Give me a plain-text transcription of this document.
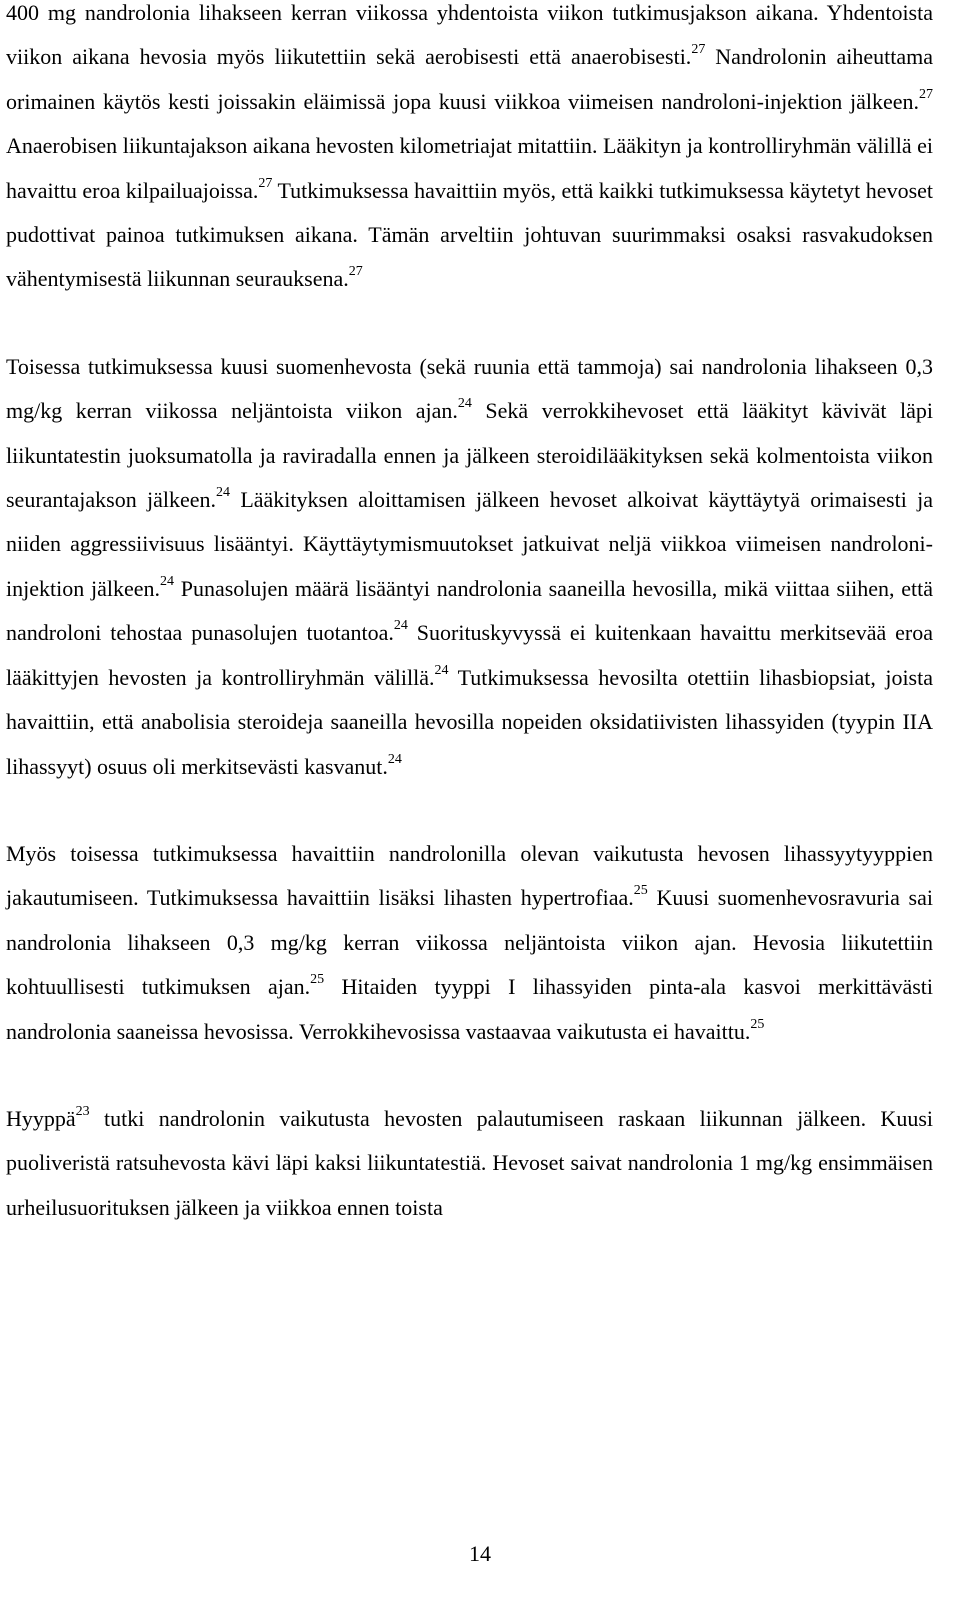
400 mg nandrolonia lihakseen kerran viikossa yhdentoista viikon tutkimusjakson aikana. Yhdentoista viikon aikana hevosia myös liikutettiin sekä aerobisesti että anaerobisesti.$^{27}$ Nandrolonin aiheuttama orimainen käytös kesti joissakin eläimissä jopa kuusi viikkoa viimeisen nandroloni-injektion jälkeen.$^{27}$ Anaerobisen liikuntajakson aikana hevosten kilometriajat mitattiin. Lääkityn ja kontrolliryhmän välillä ei havaittu eroa kilpailuajoissa.$^{27}$ Tutkimuksessa havaittiin myös, että kaikki tutkimuksessa käytetyt hevoset pudottivat painoa tutkimuksen aikana. Tämän arveltiin johtuvan suurimmaksi osaksi rasvakudoksen vähentymisestä liikunnan seurauksena.$^{27}$

Toisessa tutkimuksessa kuusi suomenhevosta (sekä ruunia että tammoja) sai nandrolonia lihakseen 0,3 mg/kg kerran viikossa neljäntoista viikon ajan.$^{24}$ Sekä verrokkihevoset että lääkityt kävivät läpi liikuntatestin juoksumatolla ja raviradalla ennen ja jälkeen steroidilääkityksen sekä kolmentoista viikon seurantajakson jälkeen.$^{24}$ Lääkityksen aloittamisen jälkeen hevoset alkoivat käyttäytyä orimaisesti ja niiden aggressiivisuus lisääntyi. Käyttäytymismuutokset jatkuivat neljä viikkoa viimeisen nandroloni-injektion jälkeen.$^{24}$ Punasolujen määrä lisääntyi nandrolonia saaneilla hevosilla, mikä viittaa siihen, että nandroloni tehostaa punasolujen tuotantoa.$^{24}$ Suorituskyvyssä ei kuitenkaan havaittu merkitsevää eroa lääkittyjen hevosten ja kontrolliryhmän välillä.$^{24}$ Tutkimuksessa hevosilta otettiin lihasbiopsiat, joista havaittiin, että anabolisia steroideja saaneilla hevosilla nopeiden oksidatiivisten lihassyiden (tyypin IIA lihassyyt) osuus oli merkitsevästi kasvanut.$^{24}$

Myös toisessa tutkimuksessa havaittiin nandrolonilla olevan vaikutusta hevosen lihassyytyyppien jakautumiseen. Tutkimuksessa havaittiin lisäksi lihasten hypertrofiaa.$^{25}$ Kuusi suomenhevosravuria sai nandrolonia lihakseen 0,3 mg/kg kerran viikossa neljäntoista viikon ajan. Hevosia liikutettiin kohtuullisesti tutkimuksen ajan.$^{25}$ Hitaiden tyyppi I lihassyiden pinta-ala kasvoi merkittävästi nandrolonia saaneissa hevosissa. Verrokkihevosissa vastaavaa vaikutusta ei havaittu.$^{25}$

Hyyppä$^{23}$ tutki nandrolonin vaikutusta hevosten palautumiseen raskaan liikunnan jälkeen. Kuusi puoliveristä ratsuhevosta kävi läpi kaksi liikuntatestiä. Hevoset saivat nandrolonia 1 mg/kg ensimmäisen urheilusuorituksen jälkeen ja viikkoa ennen toista

14
